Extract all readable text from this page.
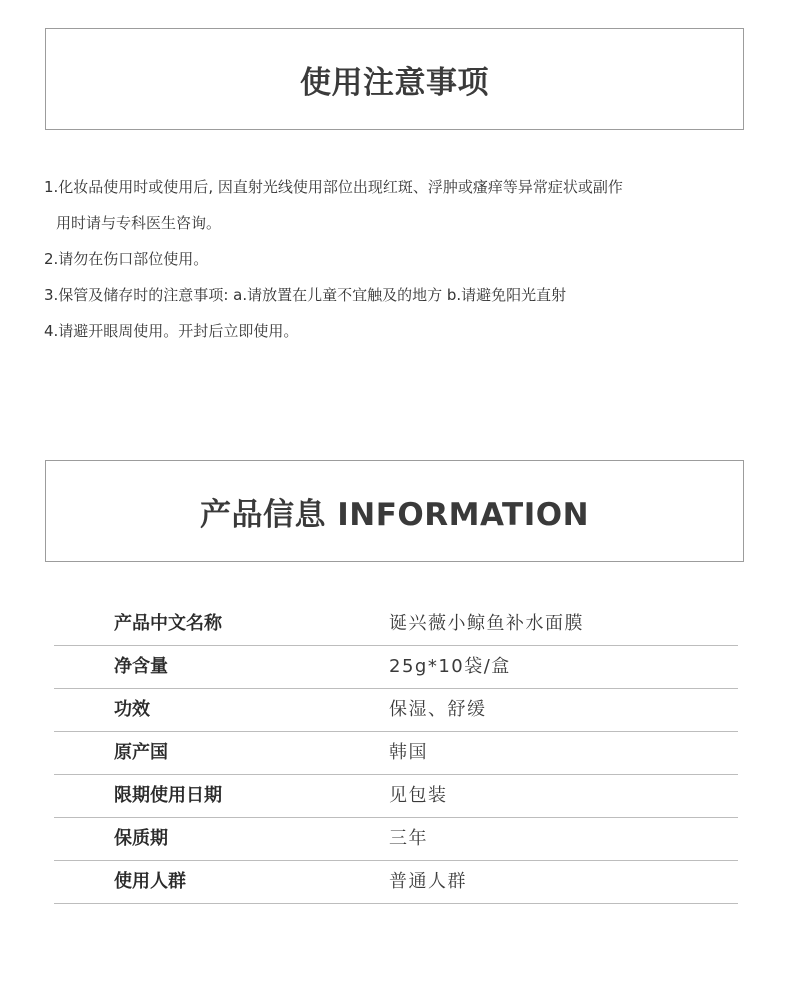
使用注意事项
1.化妆品使用时或使用后, 因直射光线使用部位出现红斑、浮肿或瘙痒等异常症状或副作
用时请与专科医生咨询。
2.请勿在伤口部位使用。
3.保管及储存时的注意事项: a.请放置在儿童不宜触及的地方 b.请避免阳光直射
4.请避开眼周使用。开封后立即使用。
产品信息 INFORMATION
产品中文名称	诞兴薇小鲸鱼补水面膜
净含量	25g*10袋/盒
功效	保湿、舒缓
原产国	韩国
限期使用日期	见包装
保质期	三年
使用人群	普通人群
